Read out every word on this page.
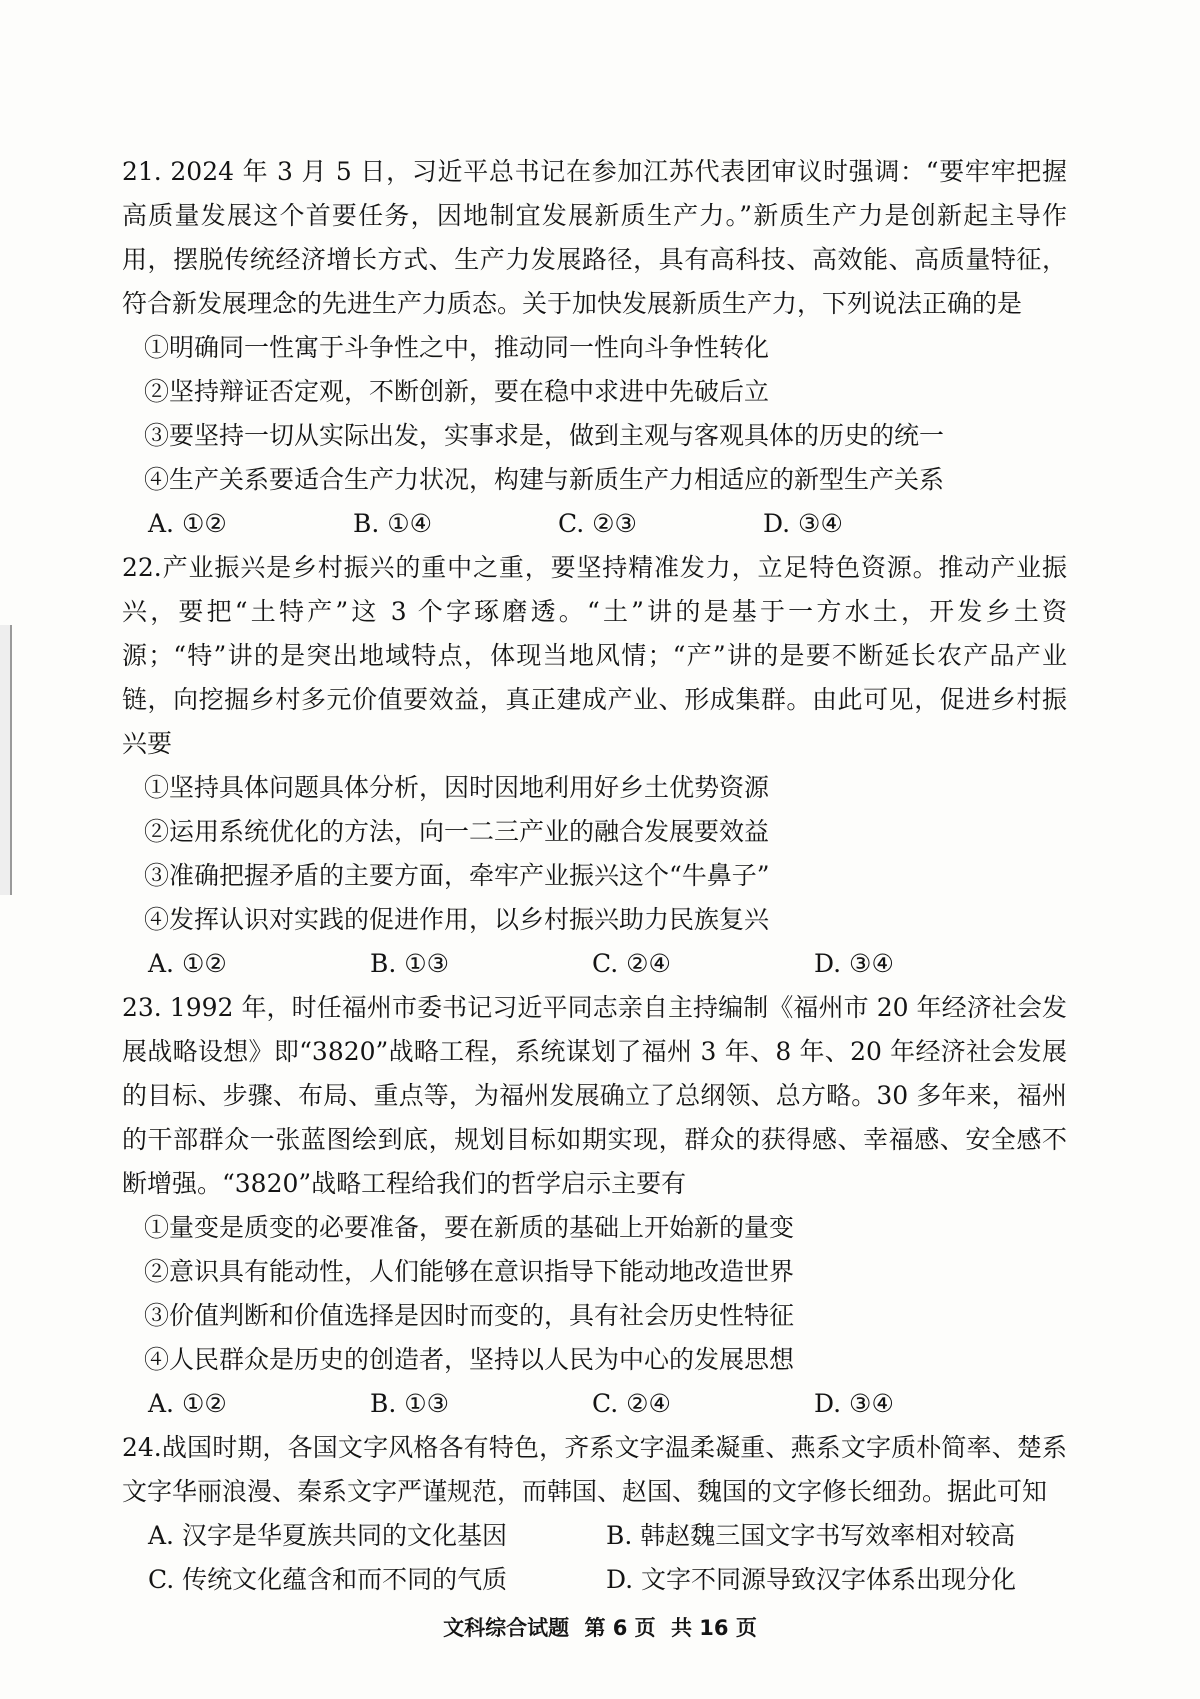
21. 2024 年 3 月 5 日，习近平总书记在参加江苏代表团审议时强调：“要牢牢把握高质量发展这个首要任务，因地制宜发展新质生产力。”新质生产力是创新起主导作用，摆脱传统经济增长方式、生产力发展路径，具有高科技、高效能、高质量特征，符合新发展理念的先进生产力质态。关于加快发展新质生产力，下列说法正确的是

①明确同一性寓于斗争性之中，推动同一性向斗争性转化

②坚持辩证否定观，不断创新，要在稳中求进中先破后立

③要坚持一切从实际出发，实事求是，做到主观与客观具体的历史的统一

④生产关系要适合生产力状况，构建与新质生产力相适应的新型生产关系

A. ①②	B. ①④	C. ②③	D. ③④

22.产业振兴是乡村振兴的重中之重，要坚持精准发力，立足特色资源。推动产业振兴，要把“土特产”这 3 个字琢磨透。“土”讲的是基于一方水土，开发乡土资源；“特”讲的是突出地域特点，体现当地风情；“产”讲的是要不断延长农产品产业链，向挖掘乡村多元价值要效益，真正建成产业、形成集群。由此可见，促进乡村振兴要

①坚持具体问题具体分析，因时因地利用好乡土优势资源

②运用系统优化的方法，向一二三产业的融合发展要效益

③准确把握矛盾的主要方面，牵牢产业振兴这个“牛鼻子”

④发挥认识对实践的促进作用，以乡村振兴助力民族复兴

A. ①②	B. ①③	C. ②④	D. ③④

23. 1992 年，时任福州市委书记习近平同志亲自主持编制《福州市 20 年经济社会发展战略设想》即“3820”战略工程，系统谋划了福州 3 年、8 年、20 年经济社会发展的目标、步骤、布局、重点等，为福州发展确立了总纲领、总方略。30 多年来，福州的干部群众一张蓝图绘到底，规划目标如期实现，群众的获得感、幸福感、安全感不断增强。“3820”战略工程给我们的哲学启示主要有

①量变是质变的必要准备，要在新质的基础上开始新的量变

②意识具有能动性，人们能够在意识指导下能动地改造世界

③价值判断和价值选择是因时而变的，具有社会历史性特征

④人民群众是历史的创造者，坚持以人民为中心的发展思想

A. ①②	B. ①③	C. ②④	D. ③④

24.战国时期，各国文字风格各有特色，齐系文字温柔凝重、燕系文字质朴简率、楚系文字华丽浪漫、秦系文字严谨规范，而韩国、赵国、魏国的文字修长细劲。据此可知

A. 汉字是华夏族共同的文化基因	B. 韩赵魏三国文字书写效率相对较高
C. 传统文化蕴含和而不同的气质	D. 文字不同源导致汉字体系出现分化
文科综合试题 第 6 页 共 16 页
